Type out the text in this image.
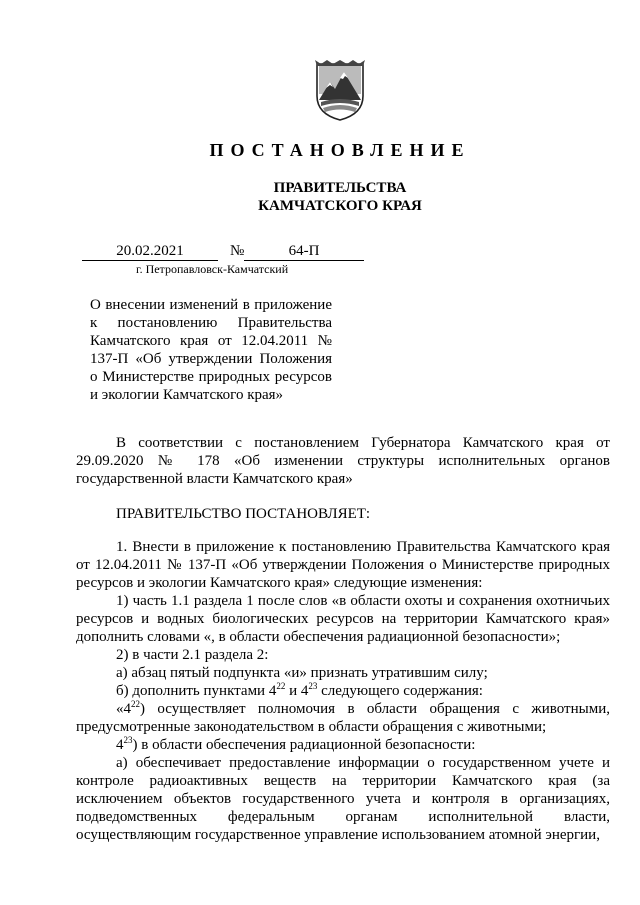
ПОСТАНОВЛЕНИЕ
ПРАВИТЕЛЬСТВА
КАМЧАТСКОГО КРАЯ
20.02.2021	№	64-П
г. Петропавловск-Камчатский

О внесении изменений в приложение к постановлению Правительства Камчатского края от 12.04.2011 № 137-П «Об утверждении Положения о Министерстве природных ресурсов и экологии Камчатского края»

В соответствии с постановлением Губернатора Камчатского края от 29.09.2020 № 178 «Об изменении структуры исполнительных органов государственной власти Камчатского края»

ПРАВИТЕЛЬСТВО ПОСТАНОВЛЯЕТ:

1. Внести в приложение к постановлению Правительства Камчатского края от 12.04.2011 № 137-П «Об утверждении Положения о Министерстве природных ресурсов и экологии Камчатского края» следующие изменения:

1) часть 1.1 раздела 1 после слов «в области охоты и сохранения охотничьих ресурсов и водных биологических ресурсов на территории Камчатского края» дополнить словами «, в области обеспечения радиационной безопасности»;

2) в части 2.1 раздела 2:

а) абзац пятый подпункта «и» признать утратившим силу;

б) дополнить пунктами $4^{22}$ и $4^{23}$ следующего содержания:

«$4^{22}$) осуществляет полномочия в области обращения с животными, предусмотренные законодательством в области обращения с животными;

$4^{23}$) в области обеспечения радиационной безопасности:

а) обеспечивает предоставление информации о государственном учете и контроле радиоактивных веществ на территории Камчатского края (за исключением объектов государственного учета и контроля в организациях, подведомственных федеральным органам исполнительной власти, осуществляющим государственное управление использованием атомной энергии,
